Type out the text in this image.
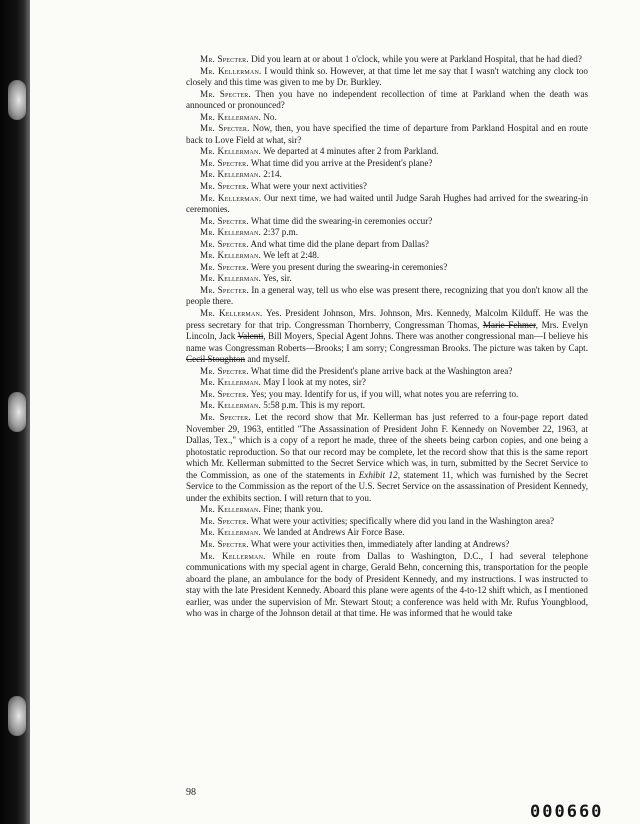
Mr. Specter. Did you learn at or about 1 o'clock, while you were at Parkland Hospital, that he had died?

Mr. Kellerman. I would think so. However, at that time let me say that I wasn't watching any clock too closely and this time was given to me by Dr. Burkley.

Mr. Specter. Then you have no independent recollection of time at Parkland when the death was announced or pronounced?

Mr. Kellerman. No.

Mr. Specter. Now, then, you have specified the time of departure from Parkland Hospital and en route back to Love Field at what, sir?

Mr. Kellerman. We departed at 4 minutes after 2 from Parkland.

Mr. Specter. What time did you arrive at the President's plane?

Mr. Kellerman. 2:14.

Mr. Specter. What were your next activities?

Mr. Kellerman. Our next time, we had waited until Judge Sarah Hughes had arrived for the swearing-in ceremonies.

Mr. Specter. What time did the swearing-in ceremonies occur?

Mr. Kellerman. 2:37 p.m.

Mr. Specter. And what time did the plane depart from Dallas?

Mr. Kellerman. We left at 2:48.

Mr. Specter. Were you present during the swearing-in ceremonies?

Mr. Kellerman. Yes, sir.

Mr. Specter. In a general way, tell us who else was present there, recognizing that you don't know all the people there.

Mr. Kellerman. Yes. President Johnson, Mrs. Johnson, Mrs. Kennedy, Malcolm Kilduff. He was the press secretary for that trip. Congressman Thornberry, Congressman Thomas, Marie Fehmer, Mrs. Evelyn Lincoln, Jack Valenti, Bill Moyers, Special Agent Johns. There was another congressional man—I believe his name was Congressman Roberts—Brooks; I am sorry; Congressman Brooks. The picture was taken by Capt. Cecil Stoughton and myself.

Mr. Specter. What time did the President's plane arrive back at the Washington area?

Mr. Kellerman. May I look at my notes, sir?

Mr. Specter. Yes; you may. Identify for us, if you will, what notes you are referring to.

Mr. Kellerman. 5:58 p.m. This is my report.

Mr. Specter. Let the record show that Mr. Kellerman has just referred to a four-page report dated November 29, 1963, entitled "The Assassination of President John F. Kennedy on November 22, 1963, at Dallas, Tex.," which is a copy of a report he made, three of the sheets being carbon copies, and one being a photostatic reproduction. So that our record may be complete, let the record show that this is the same report which Mr. Kellerman submitted to the Secret Service which was, in turn, submitted by the Secret Service to the Commission, as one of the statements in Exhibit 12, statement 11, which was furnished by the Secret Service to the Commission as the report of the U.S. Secret Service on the assassination of President Kennedy, under the exhibits section. I will return that to you.

Mr. Kellerman. Fine; thank you.

Mr. Specter. What were your activities; specifically where did you land in the Washington area?

Mr. Kellerman. We landed at Andrews Air Force Base.

Mr. Specter. What were your activities then, immediately after landing at Andrews?

Mr. Kellerman. While en route from Dallas to Washington, D.C., I had several telephone communications with my special agent in charge, Gerald Behn, concerning this, transportation for the people aboard the plane, an ambulance for the body of President Kennedy, and my instructions. I was instructed to stay with the late President Kennedy. Aboard this plane were agents of the 4-to-12 shift which, as I mentioned earlier, was under the supervision of Mr. Stewart Stout; a conference was held with Mr. Rufus Youngblood, who was in charge of the Johnson detail at that time. He was informed that he would take

98
000660
